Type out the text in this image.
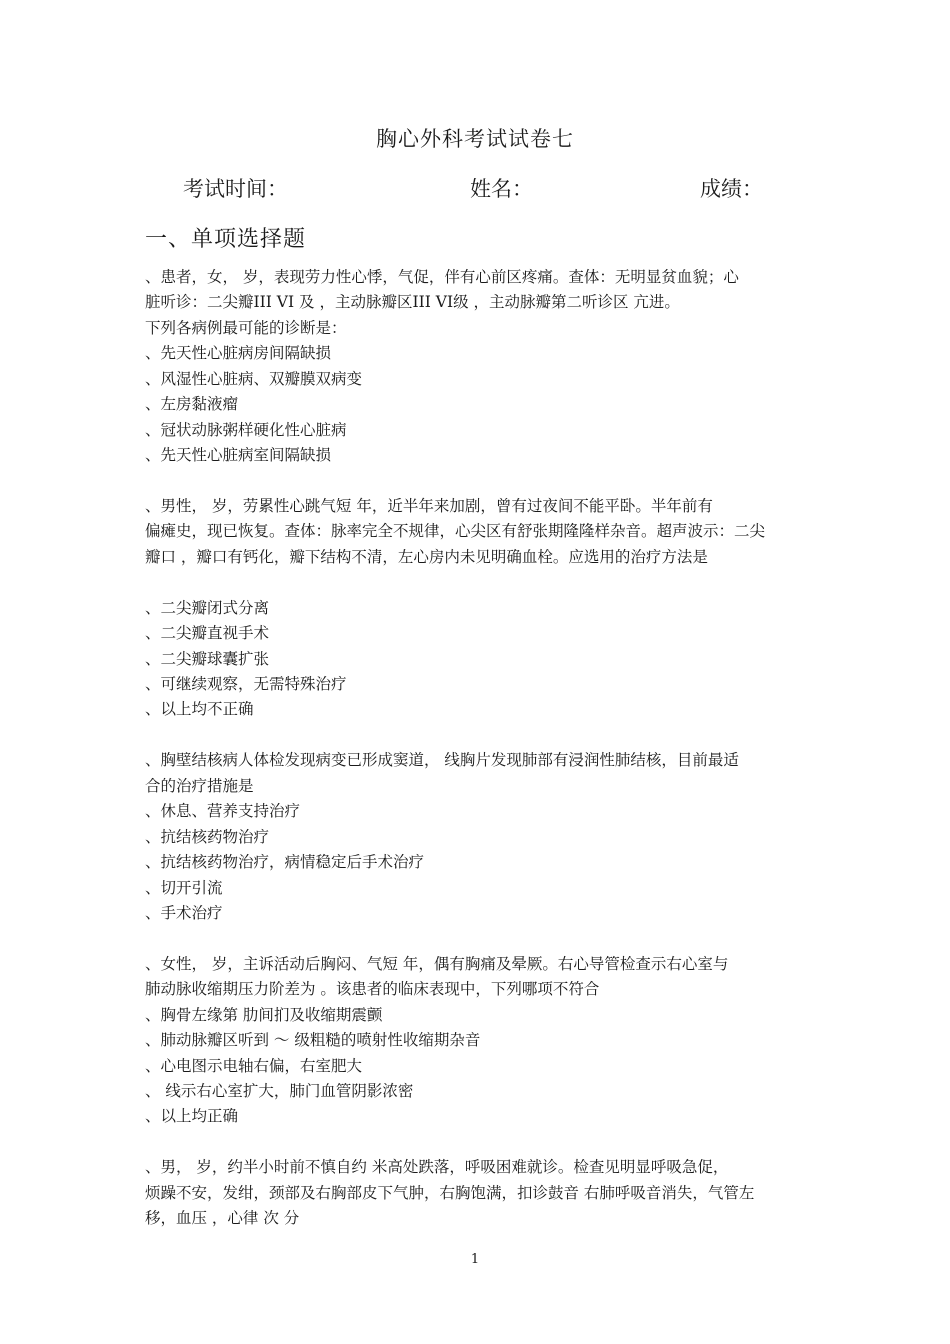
胸心外科考试试卷七
考试时间：	姓名：	成绩：
一、单项选择题
、患者，女， 岁，表现劳力性心悸，气促，伴有心前区疼痛。查体：无明显贫血貌；心
脏听诊：二尖瓣III VI 及 ，主动脉瓣区III VI级 ，主动脉瓣第二听诊区 亢进。
下列各病例最可能的诊断是：
、先天性心脏病房间隔缺损
、风湿性心脏病、双瓣膜双病变
、左房黏液瘤
、冠状动脉粥样硬化性心脏病
、先天性心脏病室间隔缺损
、男性， 岁，劳累性心跳气短 年，近半年来加剧，曾有过夜间不能平卧。半年前有
偏瘫史，现已恢复。查体：脉率完全不规律，心尖区有舒张期隆隆样杂音。超声波示：二尖
瓣口 ，瓣口有钙化，瓣下结构不清，左心房内未见明确血栓。应选用的治疗方法是
、二尖瓣闭式分离
、二尖瓣直视手术
、二尖瓣球囊扩张
、可继续观察，无需特殊治疗
、以上均不正确
、胸壁结核病人体检发现病变已形成窦道， 线胸片发现肺部有浸润性肺结核，目前最适
合的治疗措施是
、休息、营养支持治疗
、抗结核药物治疗
、抗结核药物治疗，病情稳定后手术治疗
、切开引流
、手术治疗
、女性， 岁，主诉活动后胸闷、气短 年，偶有胸痛及晕厥。右心导管检查示右心室与
肺动脉收缩期压力阶差为 。该患者的临床表现中，下列哪项不符合
、胸骨左缘第 肋间扪及收缩期震颤
、肺动脉瓣区听到 ～ 级粗糙的喷射性收缩期杂音
、心电图示电轴右偏，右室肥大
、 线示右心室扩大，肺门血管阴影浓密
、以上均正确
、男， 岁，约半小时前不慎自约 米高处跌落，呼吸困难就诊。检查见明显呼吸急促，
烦躁不安，发绀，颈部及右胸部皮下气肿，右胸饱满，扣诊鼓音 右肺呼吸音消失，气管左
移，血压 ，心律 次 分
1
